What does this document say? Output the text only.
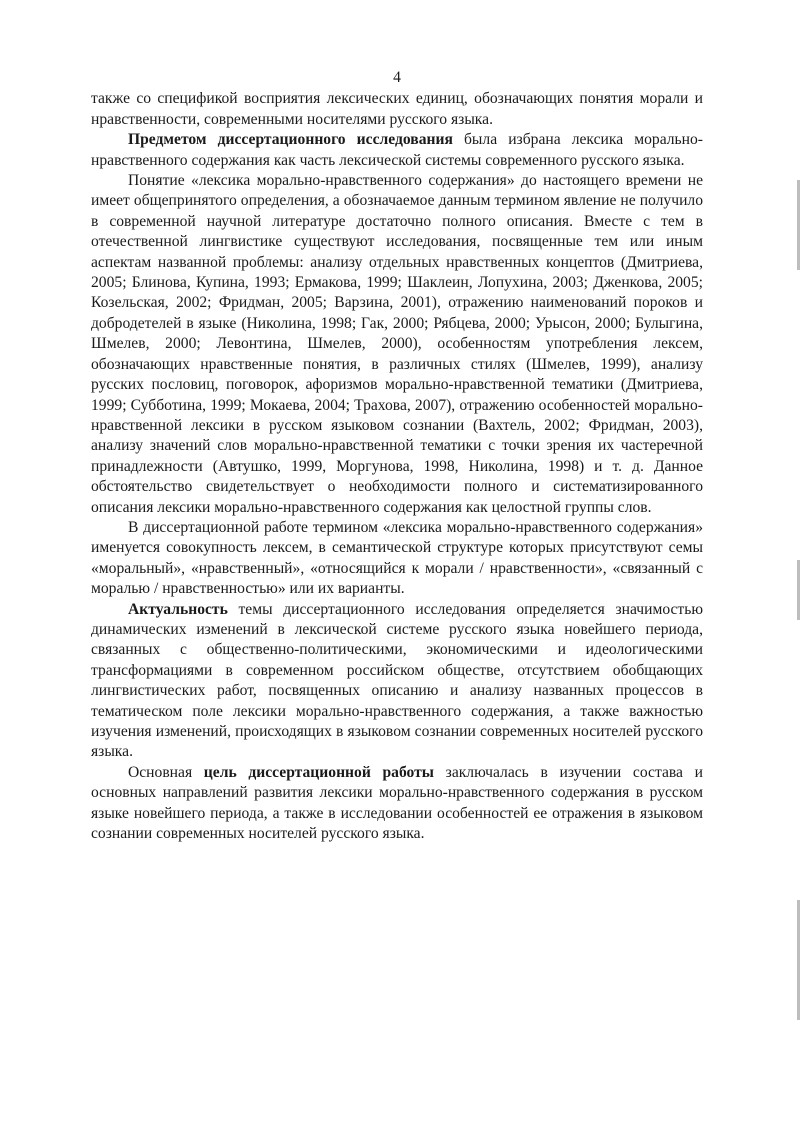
4

также со спецификой восприятия лексических единиц, обозначающих понятия морали и нравственности, современными носителями русского языка.

Предметом диссертационного исследования была избрана лексика морально-нравственного содержания как часть лексической системы современного русского языка.

Понятие «лексика морально-нравственного содержания» до настоящего времени не имеет общепринятого определения, а обозначаемое данным термином явление не получило в современной научной литературе достаточно полного описания. Вместе с тем в отечественной лингвистике существуют исследования, посвященные тем или иным аспектам названной проблемы: анализу отдельных нравственных концептов (Дмитриева, 2005; Блинова, Купина, 1993; Ермакова, 1999; Шаклеин, Лопухина, 2003; Дженкова, 2005; Козельская, 2002; Фридман, 2005; Варзина, 2001), отражению наименований пороков и добродетелей в языке (Николина, 1998; Гак, 2000; Рябцева, 2000; Урысон, 2000; Булыгина, Шмелев, 2000; Левонтина, Шмелев, 2000), особенностям употребления лексем, обозначающих нравственные понятия, в различных стилях (Шмелев, 1999), анализу русских пословиц, поговорок, афоризмов морально-нравственной тематики (Дмитриева, 1999; Субботина, 1999; Мокаева, 2004; Трахова, 2007), отражению особенностей морально-нравственной лексики в русском языковом сознании (Вахтель, 2002; Фридман, 2003), анализу значений слов морально-нравственной тематики с точки зрения их частеречной принадлежности (Автушко, 1999, Моргунова, 1998, Николина, 1998) и т. д. Данное обстоятельство свидетельствует о необходимости полного и систематизированного описания лексики морально-нравственного содержания как целостной группы слов.

В диссертационной работе термином «лексика морально-нравственного содержания» именуется совокупность лексем, в семантической структуре которых присутствуют семы «моральный», «нравственный», «относящийся к морали / нравственности», «связанный с моралью / нравственностью» или их варианты.

Актуальность темы диссертационного исследования определяется значимостью динамических изменений в лексической системе русского языка новейшего периода, связанных с общественно-политическими, экономическими и идеологическими трансформациями в современном российском обществе, отсутствием обобщающих лингвистических работ, посвященных описанию и анализу названных процессов в тематическом поле лексики морально-нравственного содержания, а также важностью изучения изменений, происходящих в языковом сознании современных носителей русского языка.

Основная цель диссертационной работы заключалась в изучении состава и основных направлений развития лексики морально-нравственного содержания в русском языке новейшего периода, а также в исследовании особенностей ее отражения в языковом сознании современных носителей русского языка.
